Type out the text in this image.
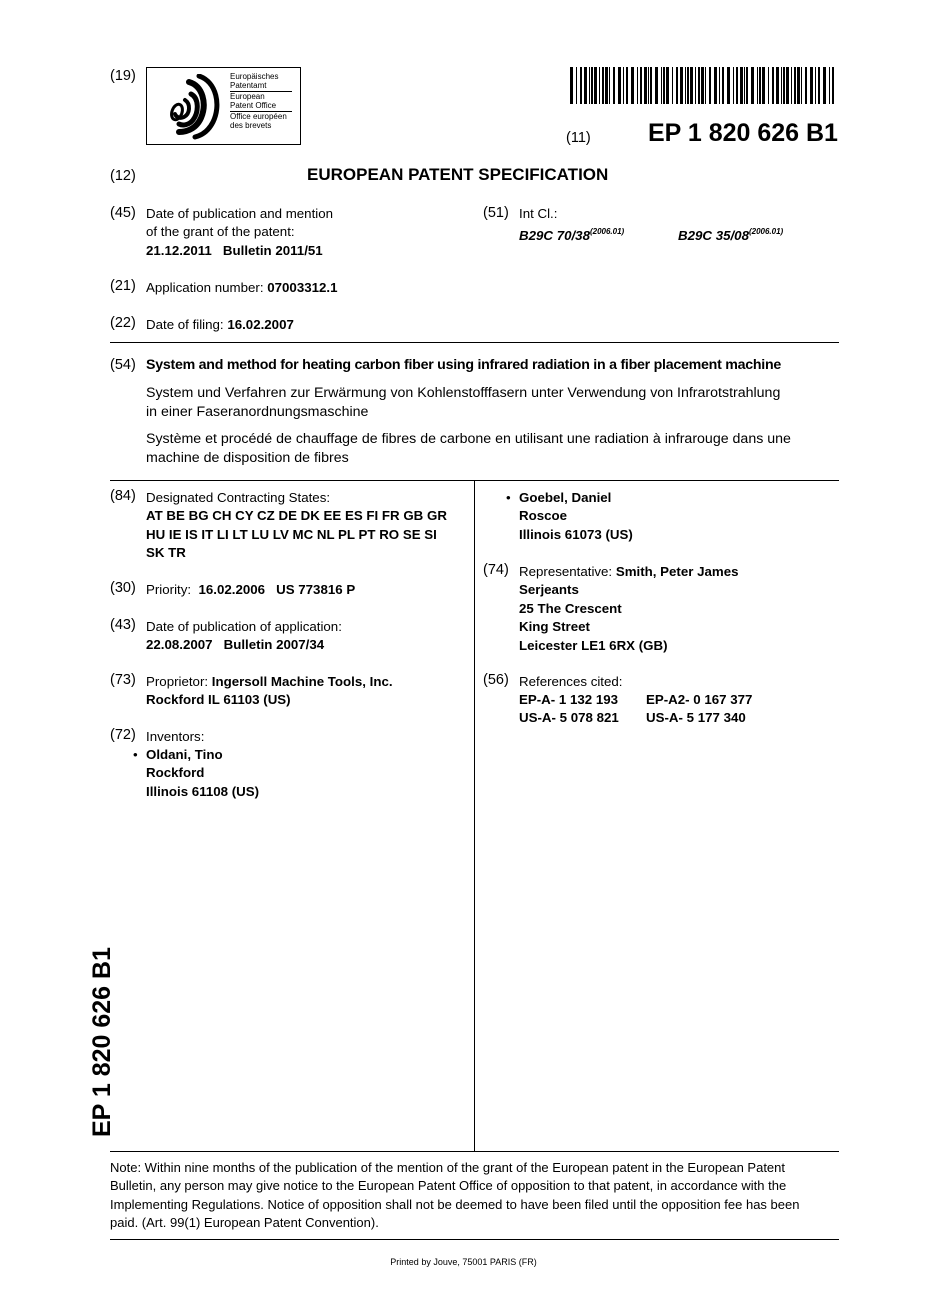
(19)	Europäisches
Patentamt
European
Patent Office
Office européen
des brevets
(11) EP 1 820 626 B1
(12)	EUROPEAN PATENT SPECIFICATION
(45) Date of publication and mention
of the grant of the patent:
21.12.2011   Bulletin 2011/51
(51) Int Cl.:
B29C $70/38^{(2006.01)}$	B29C $35/08^{(2006.01)}$
(21) Application number: 07003312.1
(22) Date of filing: 16.02.2007
(54) System and method for heating carbon fiber using infrared radiation in a fiber placement machine
System und Verfahren zur Erwärmung von Kohlenstofffasern unter Verwendung von Infrarotstrahlung
in einer Faseranordnungsmaschine
Système et procédé de chauffage de fibres de carbone en utilisant une radiation à infrarouge dans une
machine de disposition de fibres
(84) Designated Contracting States:
AT BE BG CH CY CZ DE DK EE ES FI FR GB GR
HU IE IS IT LI LT LU LV MC NL PL PT RO SE SI
SK TR
(30) Priority: 16.02.2006   US 773816 P
(43) Date of publication of application:
22.08.2007   Bulletin 2007/34
(73) Proprietor: Ingersoll Machine Tools, Inc.
Rockford IL 61103 (US)
(72) Inventors:
• Oldani, Tino
Rockford
Illinois 61108 (US)
• Goebel, Daniel
Roscoe
Illinois 61073 (US)
(74) Representative: Smith, Peter James
Serjeants
25 The Crescent
King Street
Leicester LE1 6RX (GB)
(56) References cited:
EP-A- 1 132 193 EP-A2- 0 167 377
US-A- 5 078 821 US-A- 5 177 340
Note: Within nine months of the publication of the mention of the grant of the European patent in the European Patent
Bulletin, any person may give notice to the European Patent Office of opposition to that patent, in accordance with the
Implementing Regulations. Notice of opposition shall not be deemed to have been filed until the opposition fee has been
paid. (Art. 99(1) European Patent Convention).
Printed by Jouve, 75001 PARIS (FR)
EP 1 820 626 B1
